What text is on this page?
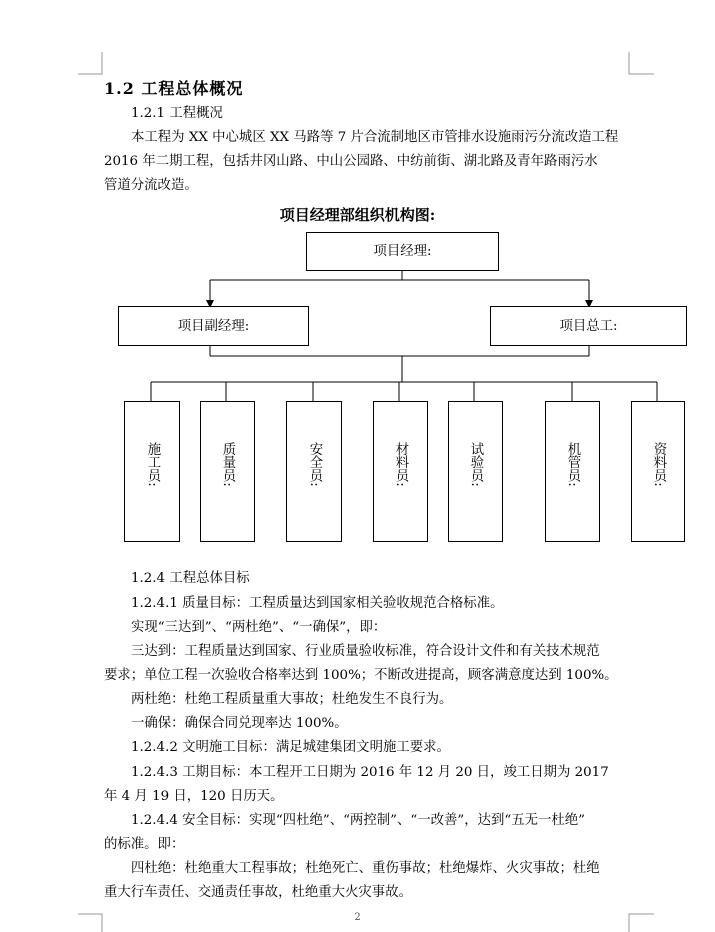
1.2 工程总体概况
1.2.1 工程概况
本工程为 XX 中心城区 XX 马路等 7 片合流制地区市管排水设施雨污分流改造工程
2016 年二期工程，包括井冈山路、中山公园路、中纺前街、湖北路及青年路雨污水
管道分流改造。
项目经理部组织机构图:
项目经理:
项目副经理:	项目总工:
施工员:	质量员:	安全员:	材料员:	试验员:	机管员:	资料员:
1.2.4 工程总体目标
1.2.4.1 质量目标：工程质量达到国家相关验收规范合格标准。
实现“三达到”、“两杜绝”、“一确保”，即：
三达到：工程质量达到国家、行业质量验收标准，符合设计文件和有关技术规范
要求；单位工程一次验收合格率达到 100%；不断改进提高，顾客满意度达到 100%。
两杜绝：杜绝工程质量重大事故；杜绝发生不良行为。
一确保：确保合同兑现率达 100%。
1.2.4.2 文明施工目标：满足城建集团文明施工要求。
1.2.4.3 工期目标：本工程开工日期为 2016 年 12 月 20 日，竣工日期为 2017
年 4 月 19 日，120 日历天。
1.2.4.4 安全目标：实现“四杜绝”、“两控制”、“一改善”，达到“五无一杜绝”
的标准。即：
四杜绝：杜绝重大工程事故；杜绝死亡、重伤事故；杜绝爆炸、火灾事故；杜绝
重大行车责任、交通责任事故，杜绝重大火灾事故。
2
